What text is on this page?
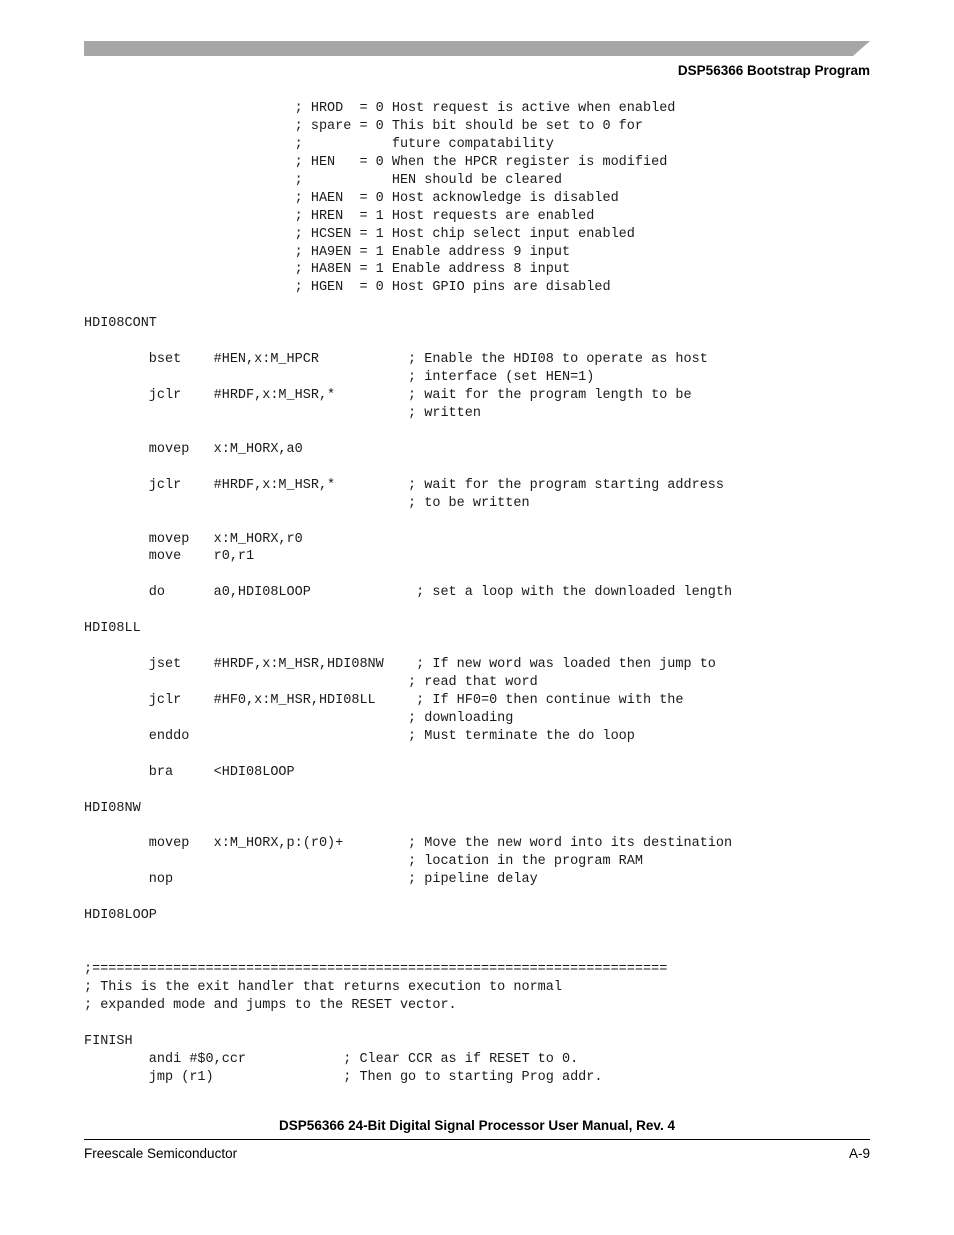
DSP56366 Bootstrap Program
; HROD  = 0 Host request is active when enabled
; spare = 0 This bit should be set to 0 for
;           future compatability
; HEN   = 0 When the HPCR register is modified
;           HEN should be cleared
; HAEN  = 0 Host acknowledge is disabled
; HREN  = 1 Host requests are enabled
; HCSEN = 1 Host chip select input enabled
; HA9EN = 1 Enable address 9 input
; HA8EN = 1 Enable address 8 input
; HGEN  = 0 Host GPIO pins are disabled
HDI08CONT
bset    #HEN,x:M_HPCR           ; Enable the HDI08 to operate as host
; interface (set HEN=1)
jclr    #HRDF,x:M_HSR,*         ; wait for the program length to be
; written
movep   x:M_HORX,a0
jclr    #HRDF,x:M_HSR,*         ; wait for the program starting address
; to be written
movep   x:M_HORX,r0
move    r0,r1
do      a0,HDI08LOOP             ; set a loop with the downloaded length
HDI08LL
jset    #HRDF,x:M_HSR,HDI08NW    ; If new word was loaded then jump to
; read that word
jclr    #HF0,x:M_HSR,HDI08LL     ; If HF0=0 then continue with the
; downloading
enddo                           ; Must terminate the do loop
bra     <HDI08LOOP
HDI08NW
movep   x:M_HORX,p:(r0)+        ; Move the new word into its destination
; location in the program RAM
nop                             ; pipeline delay
HDI08LOOP
;=======================================================================
; This is the exit handler that returns execution to normal
; expanded mode and jumps to the RESET vector.
FINISH
andi #$0,ccr            ; Clear CCR as if RESET to 0.
jmp (r1)                ; Then go to starting Prog addr.
DSP56366 24-Bit Digital Signal Processor User Manual, Rev. 4
Freescale Semiconductor	A-9
